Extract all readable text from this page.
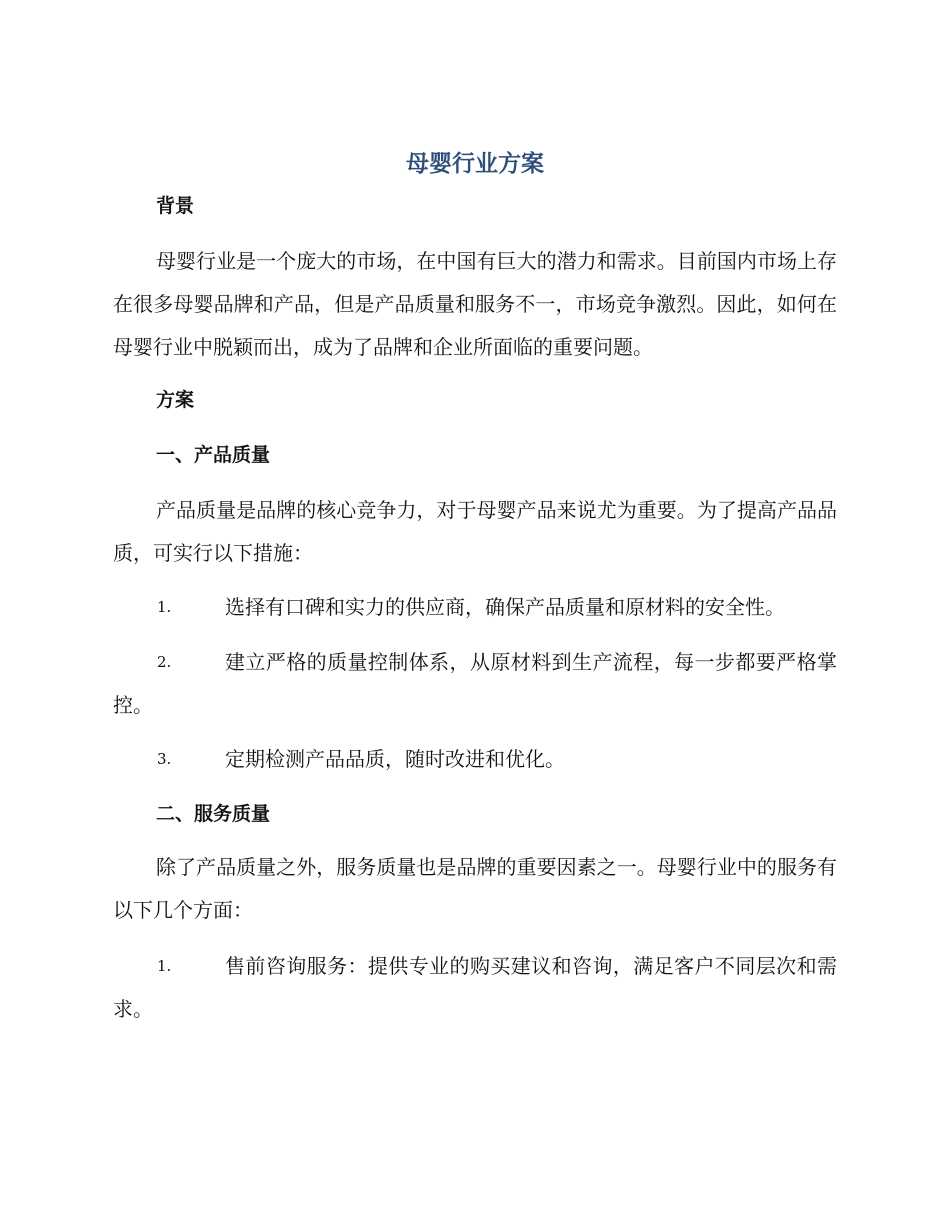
母婴行业方案
背景

母婴行业是一个庞大的市场，在中国有巨大的潜力和需求。目前国内市场上存在很多母婴品牌和产品，但是产品质量和服务不一，市场竞争激烈。因此，如何在母婴行业中脱颖而出，成为了品牌和企业所面临的重要问题。

方案
一、产品质量

产品质量是品牌的核心竞争力，对于母婴产品来说尤为重要。为了提高产品品质，可实行以下措施：

1.	选择有口碑和实力的供应商，确保产品质量和原材料的安全性。
2.	建立严格的质量控制体系，从原材料到生产流程，每一步都要严格掌控。
3.	定期检测产品品质，随时改进和优化。
二、服务质量

除了产品质量之外，服务质量也是品牌的重要因素之一。母婴行业中的服务有以下几个方面：

1.	售前咨询服务：提供专业的购买建议和咨询，满足客户不同层次和需求。
